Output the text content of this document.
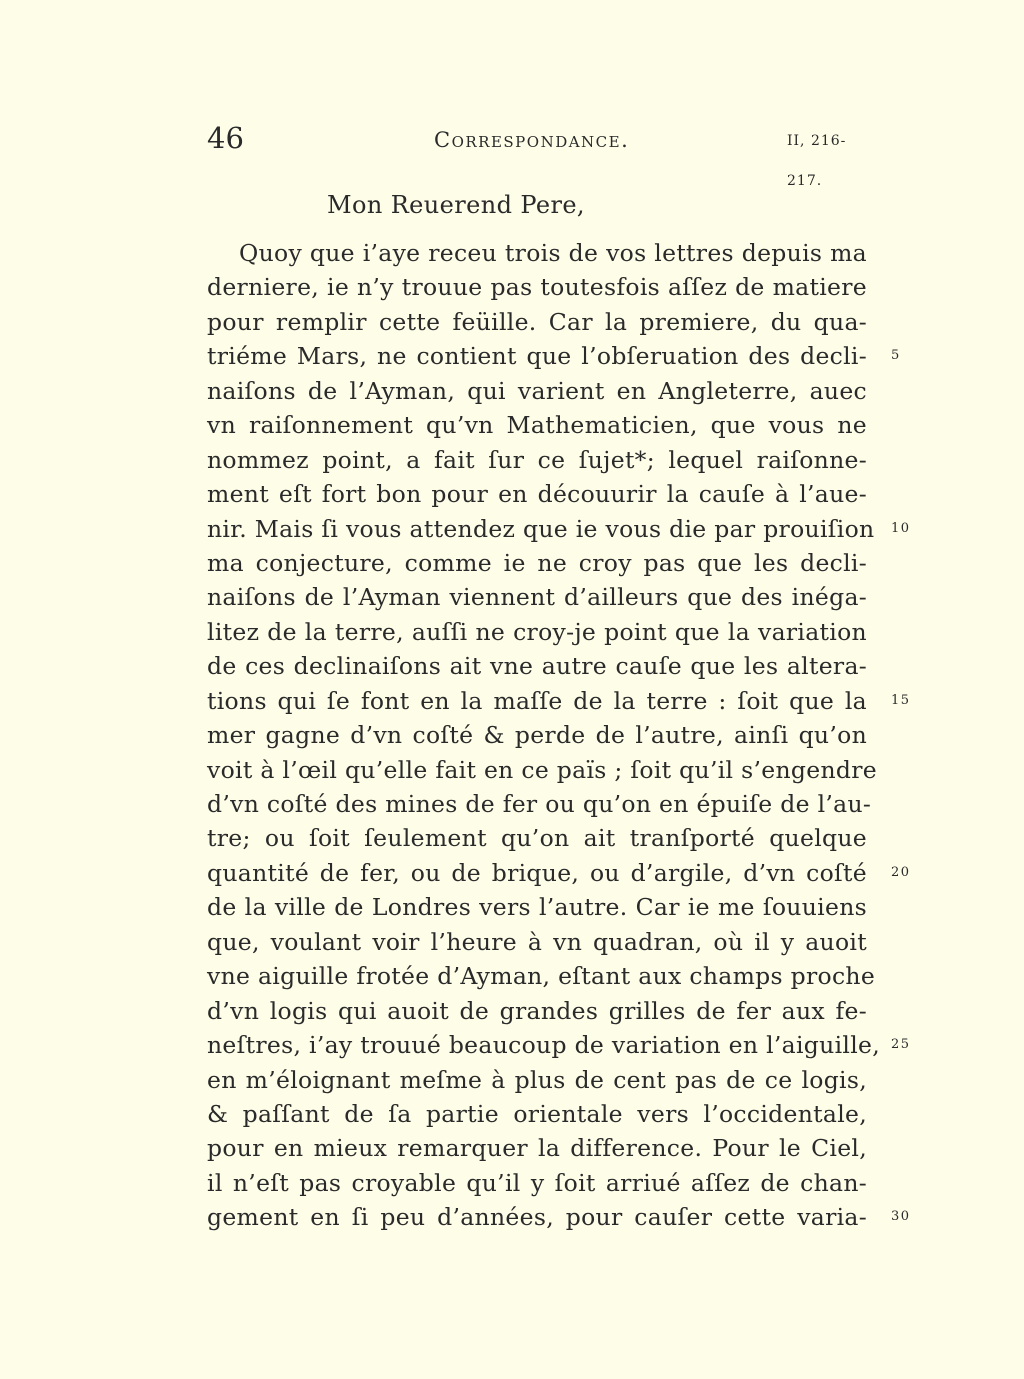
46	Correspondance.	II, 216-217.
Mon Reuerend Pere,
Quoy que i’aye receu trois de vos lettres depuis ma
derniere, ie n’y trouue pas toutesfois aſſez de matiere
pour remplir cette feüille. Car la premiere, du qua-
triéme Mars, ne contient que l’obſeruation des decli- 5
naiſons de l’Ayman, qui varient en Angleterre, auec
vn raiſonnement qu’vn Mathematicien, que vous ne
nommez point, a fait ſur ce ſujet*; lequel raiſonne-
ment eſt fort bon pour en découurir la cauſe à l’aue-
nir. Mais ſi vous attendez que ie vous die par prouiſion 10
ma conjecture, comme ie ne croy pas que les decli-
naiſons de l’Ayman viennent d’ailleurs que des inéga-
litez de la terre, auſſi ne croy-je point que la variation
de ces declinaiſons ait vne autre cauſe que les altera-
tions qui ſe font en la maſſe de la terre : ſoit que la 15
mer gagne d’vn coſté & perde de l’autre, ainſi qu’on
voit à l’œil qu’elle fait en ce païs ; ſoit qu’il s’engendre
d’vn coſté des mines de fer ou qu’on en épuiſe de l’au-
tre; ou ſoit ſeulement qu’on ait tranſporté quelque
quantité de fer, ou de brique, ou d’argile, d’vn coſté 20
de la ville de Londres vers l’autre. Car ie me ſouuiens
que, voulant voir l’heure à vn quadran, où il y auoit
vne aiguille frotée d’Ayman, eſtant aux champs proche
d’vn logis qui auoit de grandes grilles de fer aux fe-
neſtres, i’ay trouué beaucoup de variation en l’aiguille, 25
en m’éloignant meſme à plus de cent pas de ce logis,
& paſſant de ſa partie orientale vers l’occidentale,
pour en mieux remarquer la difference. Pour le Ciel,
il n’eſt pas croyable qu’il y ſoit arriué aſſez de chan-
gement en ſi peu d’années, pour cauſer cette varia- 30
